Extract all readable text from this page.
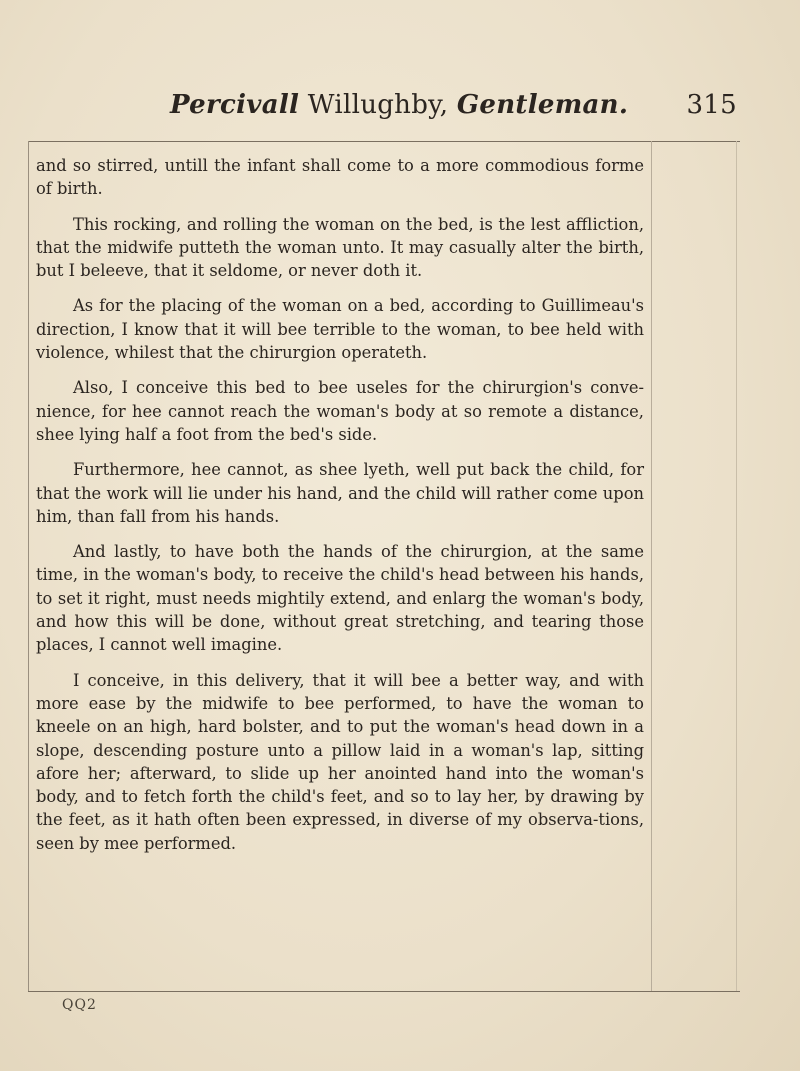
Percivall Willughby, Gentleman. 315

and so stirred, untill the infant shall come to a more commodious forme of birth.

This rocking, and rolling the woman on the bed, is the lest affliction, that the midwife putteth the woman unto. It may casually alter the birth, but I beleeve, that it seldome, or never doth it.

As for the placing of the woman on a bed, according to Guillimeau's direction, I know that it will bee terrible to the woman, to bee held with violence, whilest that the chirurgion operateth.

Also, I conceive this bed to bee useles for the chirurgion's conve-nience, for hee cannot reach the woman's body at so remote a distance, shee lying half a foot from the bed's side.

Furthermore, hee cannot, as shee lyeth, well put back the child, for that the work will lie under his hand, and the child will rather come upon him, than fall from his hands.

And lastly, to have both the hands of the chirurgion, at the same time, in the woman's body, to receive the child's head between his hands, to set it right, must needs mightily extend, and enlarg the woman's body, and how this will be done, without great stretching, and tearing those places, I cannot well imagine.

I conceive, in this delivery, that it will bee a better way, and with more ease by the midwife to bee performed, to have the woman to kneele on an high, hard bolster, and to put the woman's head down in a slope, descending posture unto a pillow laid in a woman's lap, sitting afore her; afterward, to slide up her anointed hand into the woman's body, and to fetch forth the child's feet, and so to lay her, by drawing by the feet, as it hath often been expressed, in diverse of my observa-tions, seen by mee performed.

QQ2
